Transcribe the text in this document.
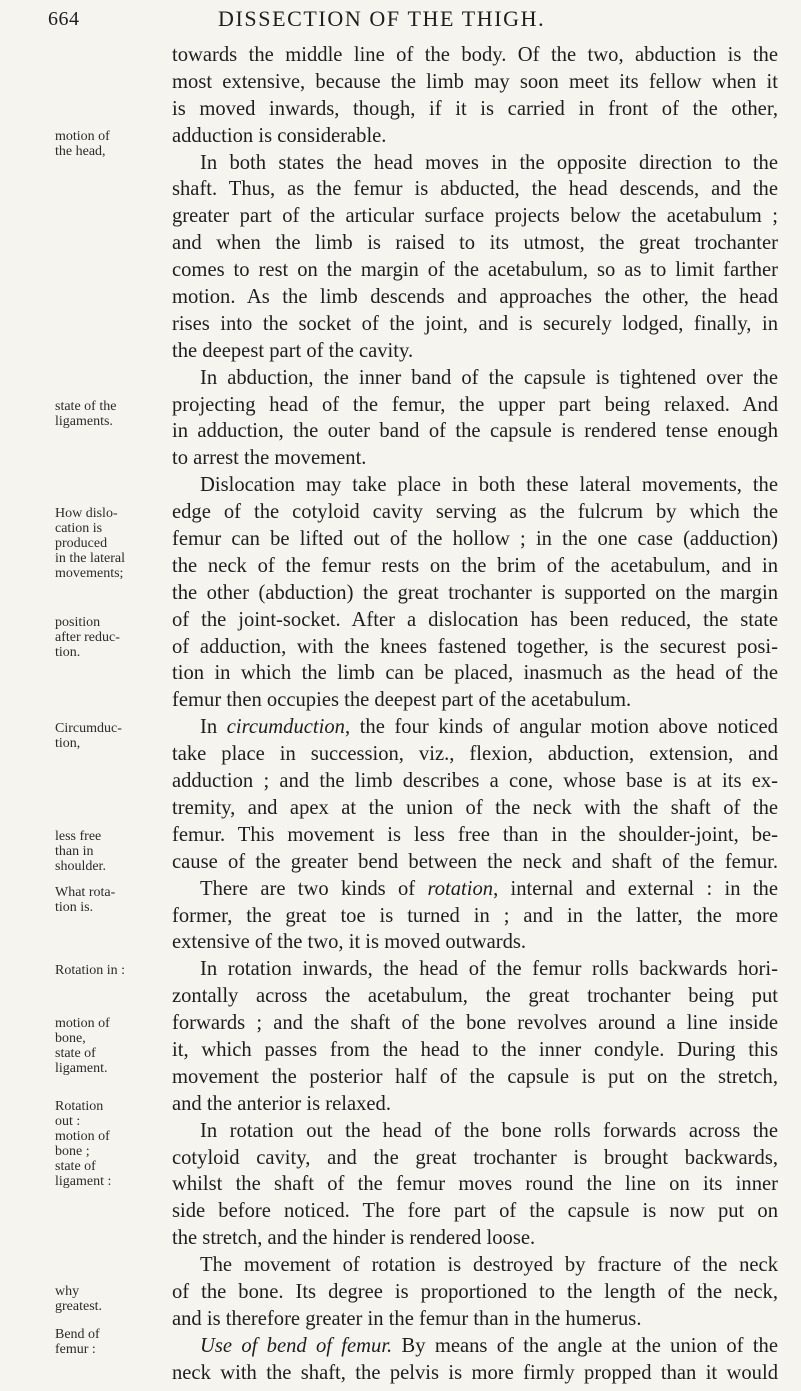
664	DISSECTION OF THE THIGH.
towards the middle line of the body. Of the two, abduction is the
most extensive, because the limb may soon meet its fellow when it
is moved inwards, though, if it is carried in front of the other,
adduction is considerable.
In both states the head moves in the opposite direction to the
shaft. Thus, as the femur is abducted, the head descends, and the
greater part of the articular surface projects below the acetabulum ;
and when the limb is raised to its utmost, the great trochanter
comes to rest on the margin of the acetabulum, so as to limit farther
motion. As the limb descends and approaches the other, the head
rises into the socket of the joint, and is securely lodged, finally, in
the deepest part of the cavity.
In abduction, the inner band of the capsule is tightened over the
projecting head of the femur, the upper part being relaxed. And
in adduction, the outer band of the capsule is rendered tense enough
to arrest the movement.
Dislocation may take place in both these lateral movements, the
edge of the cotyloid cavity serving as the fulcrum by which the
femur can be lifted out of the hollow ; in the one case (adduction)
the neck of the femur rests on the brim of the acetabulum, and in
the other (abduction) the great trochanter is supported on the margin
of the joint-socket. After a dislocation has been reduced, the state
of adduction, with the knees fastened together, is the securest posi-
tion in which the limb can be placed, inasmuch as the head of the
femur then occupies the deepest part of the acetabulum.
In circumduction, the four kinds of angular motion above noticed
take place in succession, viz., flexion, abduction, extension, and
adduction ; and the limb describes a cone, whose base is at its ex-
tremity, and apex at the union of the neck with the shaft of the
femur. This movement is less free than in the shoulder-joint, be-
cause of the greater bend between the neck and shaft of the femur.
There are two kinds of rotation, internal and external : in the
former, the great toe is turned in ; and in the latter, the more
extensive of the two, it is moved outwards.
In rotation inwards, the head of the femur rolls backwards hori-
zontally across the acetabulum, the great trochanter being put
forwards ; and the shaft of the bone revolves around a line inside
it, which passes from the head to the inner condyle. During this
movement the posterior half of the capsule is put on the stretch,
and the anterior is relaxed.
In rotation out the head of the bone rolls forwards across the
cotyloid cavity, and the great trochanter is brought backwards,
whilst the shaft of the femur moves round the line on its inner
side before noticed. The fore part of the capsule is now put on
the stretch, and the hinder is rendered loose.
The movement of rotation is destroyed by fracture of the neck
of the bone. Its degree is proportioned to the length of the neck,
and is therefore greater in the femur than in the humerus.
Use of bend of femur. By means of the angle at the union of the
neck with the shaft, the pelvis is more firmly propped than it would
motion of
the head,
state of the
ligaments.
How dislo-
cation is
produced
in the lateral
movements;
position
after reduc-
tion.
Circumduc-
tion,
less free
than in
shoulder.
What rota-
tion is.
Rotation in :
motion of
bone,
state of
ligament.
Rotation
out :
motion of
bone ;
state of
ligament :
why
greatest.
Bend of
femur :
